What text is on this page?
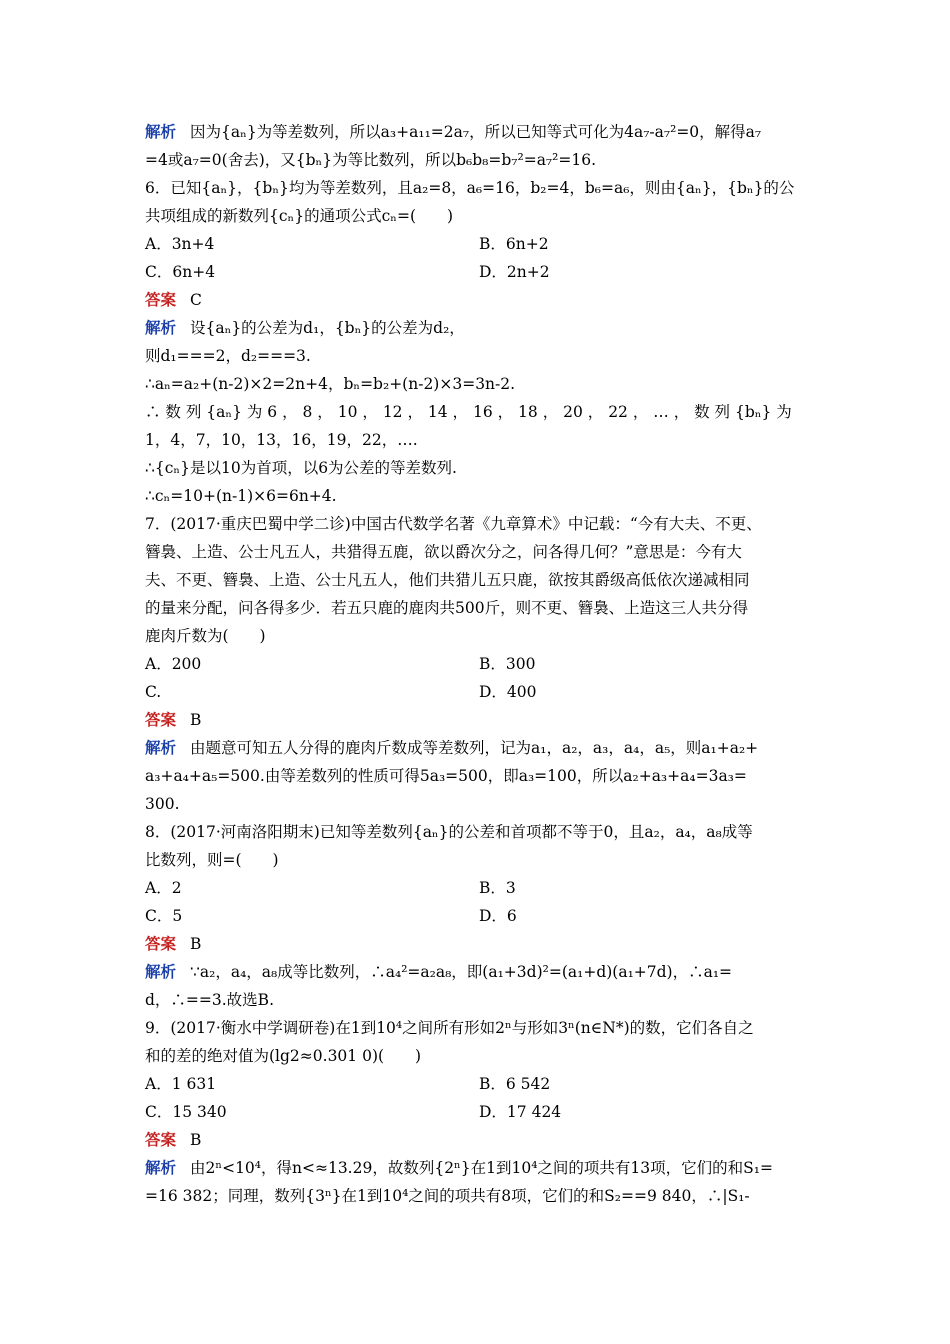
解析 因为{aₙ}为等差数列，所以a₃+a₁₁=2a₇，所以已知等式可化为4a₇-a₇²=0，解得a₇
=4或a₇=0(舍去)，又{bₙ}为等比数列，所以b₆b₈=b₇²=a₇²=16.
6．已知{aₙ}，{bₙ}均为等差数列，且a₂=8，a₆=16，b₂=4，b₆=a₆，则由{aₙ}，{bₙ}的公
共项组成的新数列{cₙ}的通项公式cₙ=(　　)
A．3n+4	B．6n+2
C．6n+4	D．2n+2
答案 C
解析 设{aₙ}的公差为d₁，{bₙ}的公差为d₂，
则d₁===2，d₂===3.
∴aₙ=a₂+(n-2)×2=2n+4，bₙ=b₂+(n-2)×3=3n-2.
∴ 数 列 {aₙ} 为 6 ， 8 ， 10 ， 12 ， 14 ， 16 ， 18 ， 20 ， 22 ， … ， 数 列 {bₙ} 为
1，4，7，10，13，16，19，22，….
∴{cₙ}是以10为首项，以6为公差的等差数列.
∴cₙ=10+(n-1)×6=6n+4.
7．(2017·重庆巴蜀中学二诊)中国古代数学名著《九章算术》中记载：“今有大夫、不更、
簪裊、上造、公士凡五人，共猎得五鹿，欲以爵次分之，问各得几何？”意思是：今有大
夫、不更、簪裊、上造、公士凡五人，他们共猎儿五只鹿，欲按其爵级高低依次递减相同
的量来分配，问各得多少．若五只鹿的鹿肉共500斤，则不更、簪裊、上造这三人共分得
鹿肉斤数为(　　)
A．200	B．300
C.	D．400
答案 B
解析 由题意可知五人分得的鹿肉斤数成等差数列，记为a₁，a₂，a₃，a₄，a₅，则a₁+a₂+
a₃+a₄+a₅=500.由等差数列的性质可得5a₃=500，即a₃=100，所以a₂+a₃+a₄=3a₃=
300.
8．(2017·河南洛阳期末)已知等差数列{aₙ}的公差和首项都不等于0，且a₂，a₄，a₈成等
比数列，则=(　　)
A．2	B．3
C．5	D．6
答案 B
解析 ∵a₂，a₄，a₈成等比数列，∴a₄²=a₂a₈，即(a₁+3d)²=(a₁+d)(a₁+7d)，∴a₁=
d，∴==3.故选B.
9．(2017·衡水中学调研卷)在1到10⁴之间所有形如2ⁿ与形如3ⁿ(n∈N*)的数，它们各自之
和的差的绝对值为(lg2≈0.301 0)(　　)
A．1 631	B．6 542
C．15 340	D．17 424
答案 B
解析 由2ⁿ<10⁴，得n<≈13.29，故数列{2ⁿ}在1到10⁴之间的项共有13项，它们的和S₁=
=16 382；同理，数列{3ⁿ}在1到10⁴之间的项共有8项，它们的和S₂==9 840，∴|S₁-
